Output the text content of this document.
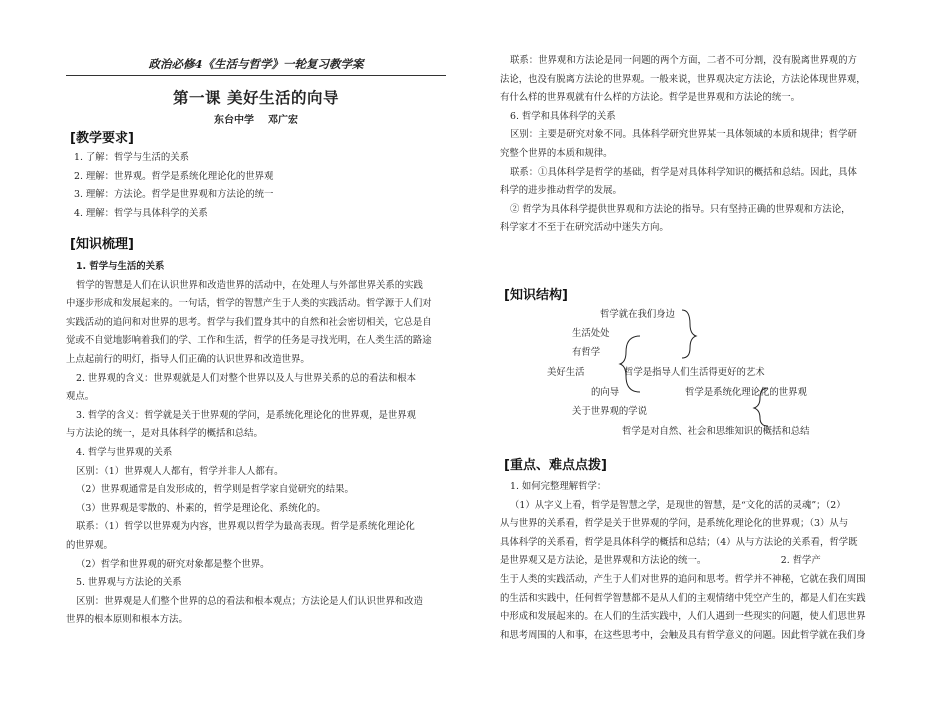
政治必修4《生活与哲学》一轮复习教学案
第一课 美好生活的向导
东台中学    邓广宏
[教学要求]

1. 了解：哲学与生活的关系

2. 理解：世界观。哲学是系统化理论化的世界观

3. 理解：方法论。哲学是世界观和方法论的统一

4. 理解：哲学与具体科学的关系

[知识梳理]

1. 哲学与生活的关系

哲学的智慧是人们在认识世界和改造世界的活动中，在处理人与外部世界关系的实践

中逐步形成和发展起来的。一句话，哲学的智慧产生于人类的实践活动。哲学源于人们对

实践活动的追问和对世界的思考。哲学与我们置身其中的自然和社会密切相关，它总是自

觉或不自觉地影响着我们的学、工作和生活，哲学的任务是寻找光明，在人类生活的路途

上点起前行的明灯，指导人们正确的认识世界和改造世界。

2. 世界观的含义：世界观就是人们对整个世界以及人与世界关系的总的看法和根本

观点。

3. 哲学的含义：哲学就是关于世界观的学问，是系统化理论化的世界观，是世界观

与方法论的统一，是对具体科学的概括和总结。

4. 哲学与世界观的关系

区别：（1）世界观人人都有，哲学并非人人都有。

（2）世界观通常是自发形成的，哲学则是哲学家自觉研究的结果。

（3）世界观是零散的、朴素的，哲学是理论化、系统化的。

联系：（1）哲学以世界观为内容，世界观以哲学为最高表现。哲学是系统化理论化

的世界观。

（2）哲学和世界观的研究对象都是整个世界。

5. 世界观与方法论的关系

区别：世界观是人们整个世界的总的看法和根本观点；方法论是人们认识世界和改造

世界的根本原则和根本方法。

联系：世界观和方法论是同一问题的两个方面，二者不可分割，没有脱离世界观的方

法论，也没有脱离方法论的世界观。一般来说，世界观决定方法论，方法论体现世界观，

有什么样的世界观就有什么样的方法论。哲学是世界观和方法论的统一。

6. 哲学和具体科学的关系

区别：主要是研究对象不同。具体科学研究世界某一具体领域的本质和规律；哲学研

究整个世界的本质和规律。

联系：①具体科学是哲学的基础，哲学是对具体科学知识的概括和总结。因此，具体

科学的进步推动哲学的发展。

② 哲学为具体科学提供世界观和方法论的指导。只有坚持正确的世界观和方法论，

科学家才不至于在研究活动中迷失方向。

[知识结构]
哲学就在我们身边
生活处处
有哲学
美好生活	哲学是指导人们生活得更好的艺术
的向导	哲学是系统化理论化的世界观
关于世界观的学说
哲学是对自然、社会和思维知识的概括和总结
[重点、难点点拨]

1. 如何完整理解哲学：

（1）从字义上看，哲学是智慧之学，是现世的智慧，是“文化的活的灵魂”；（2）

从与世界的关系看，哲学是关于世界观的学问，是系统化理论化的世界观；（3）从与

具体科学的关系看，哲学是具体科学的概括和总结；（4）从与方法论的关系看，哲学既

是世界观又是方法论，是世界观和方法论的统一。                         2. 哲学产

生于人类的实践活动，产生于人们对世界的追问和思考。哲学并不神秘，它就在我们周围

的生活和实践中，任何哲学智慧都不是从人们的主观情绪中凭空产生的，都是人们在实践

中形成和发展起来的。在人们的生活实践中，人们人遇到一些现实的问题，使人们思世界

和思考周围的人和事，在这些思考中，会触及具有哲学意义的问题。因此哲学就在我们身
